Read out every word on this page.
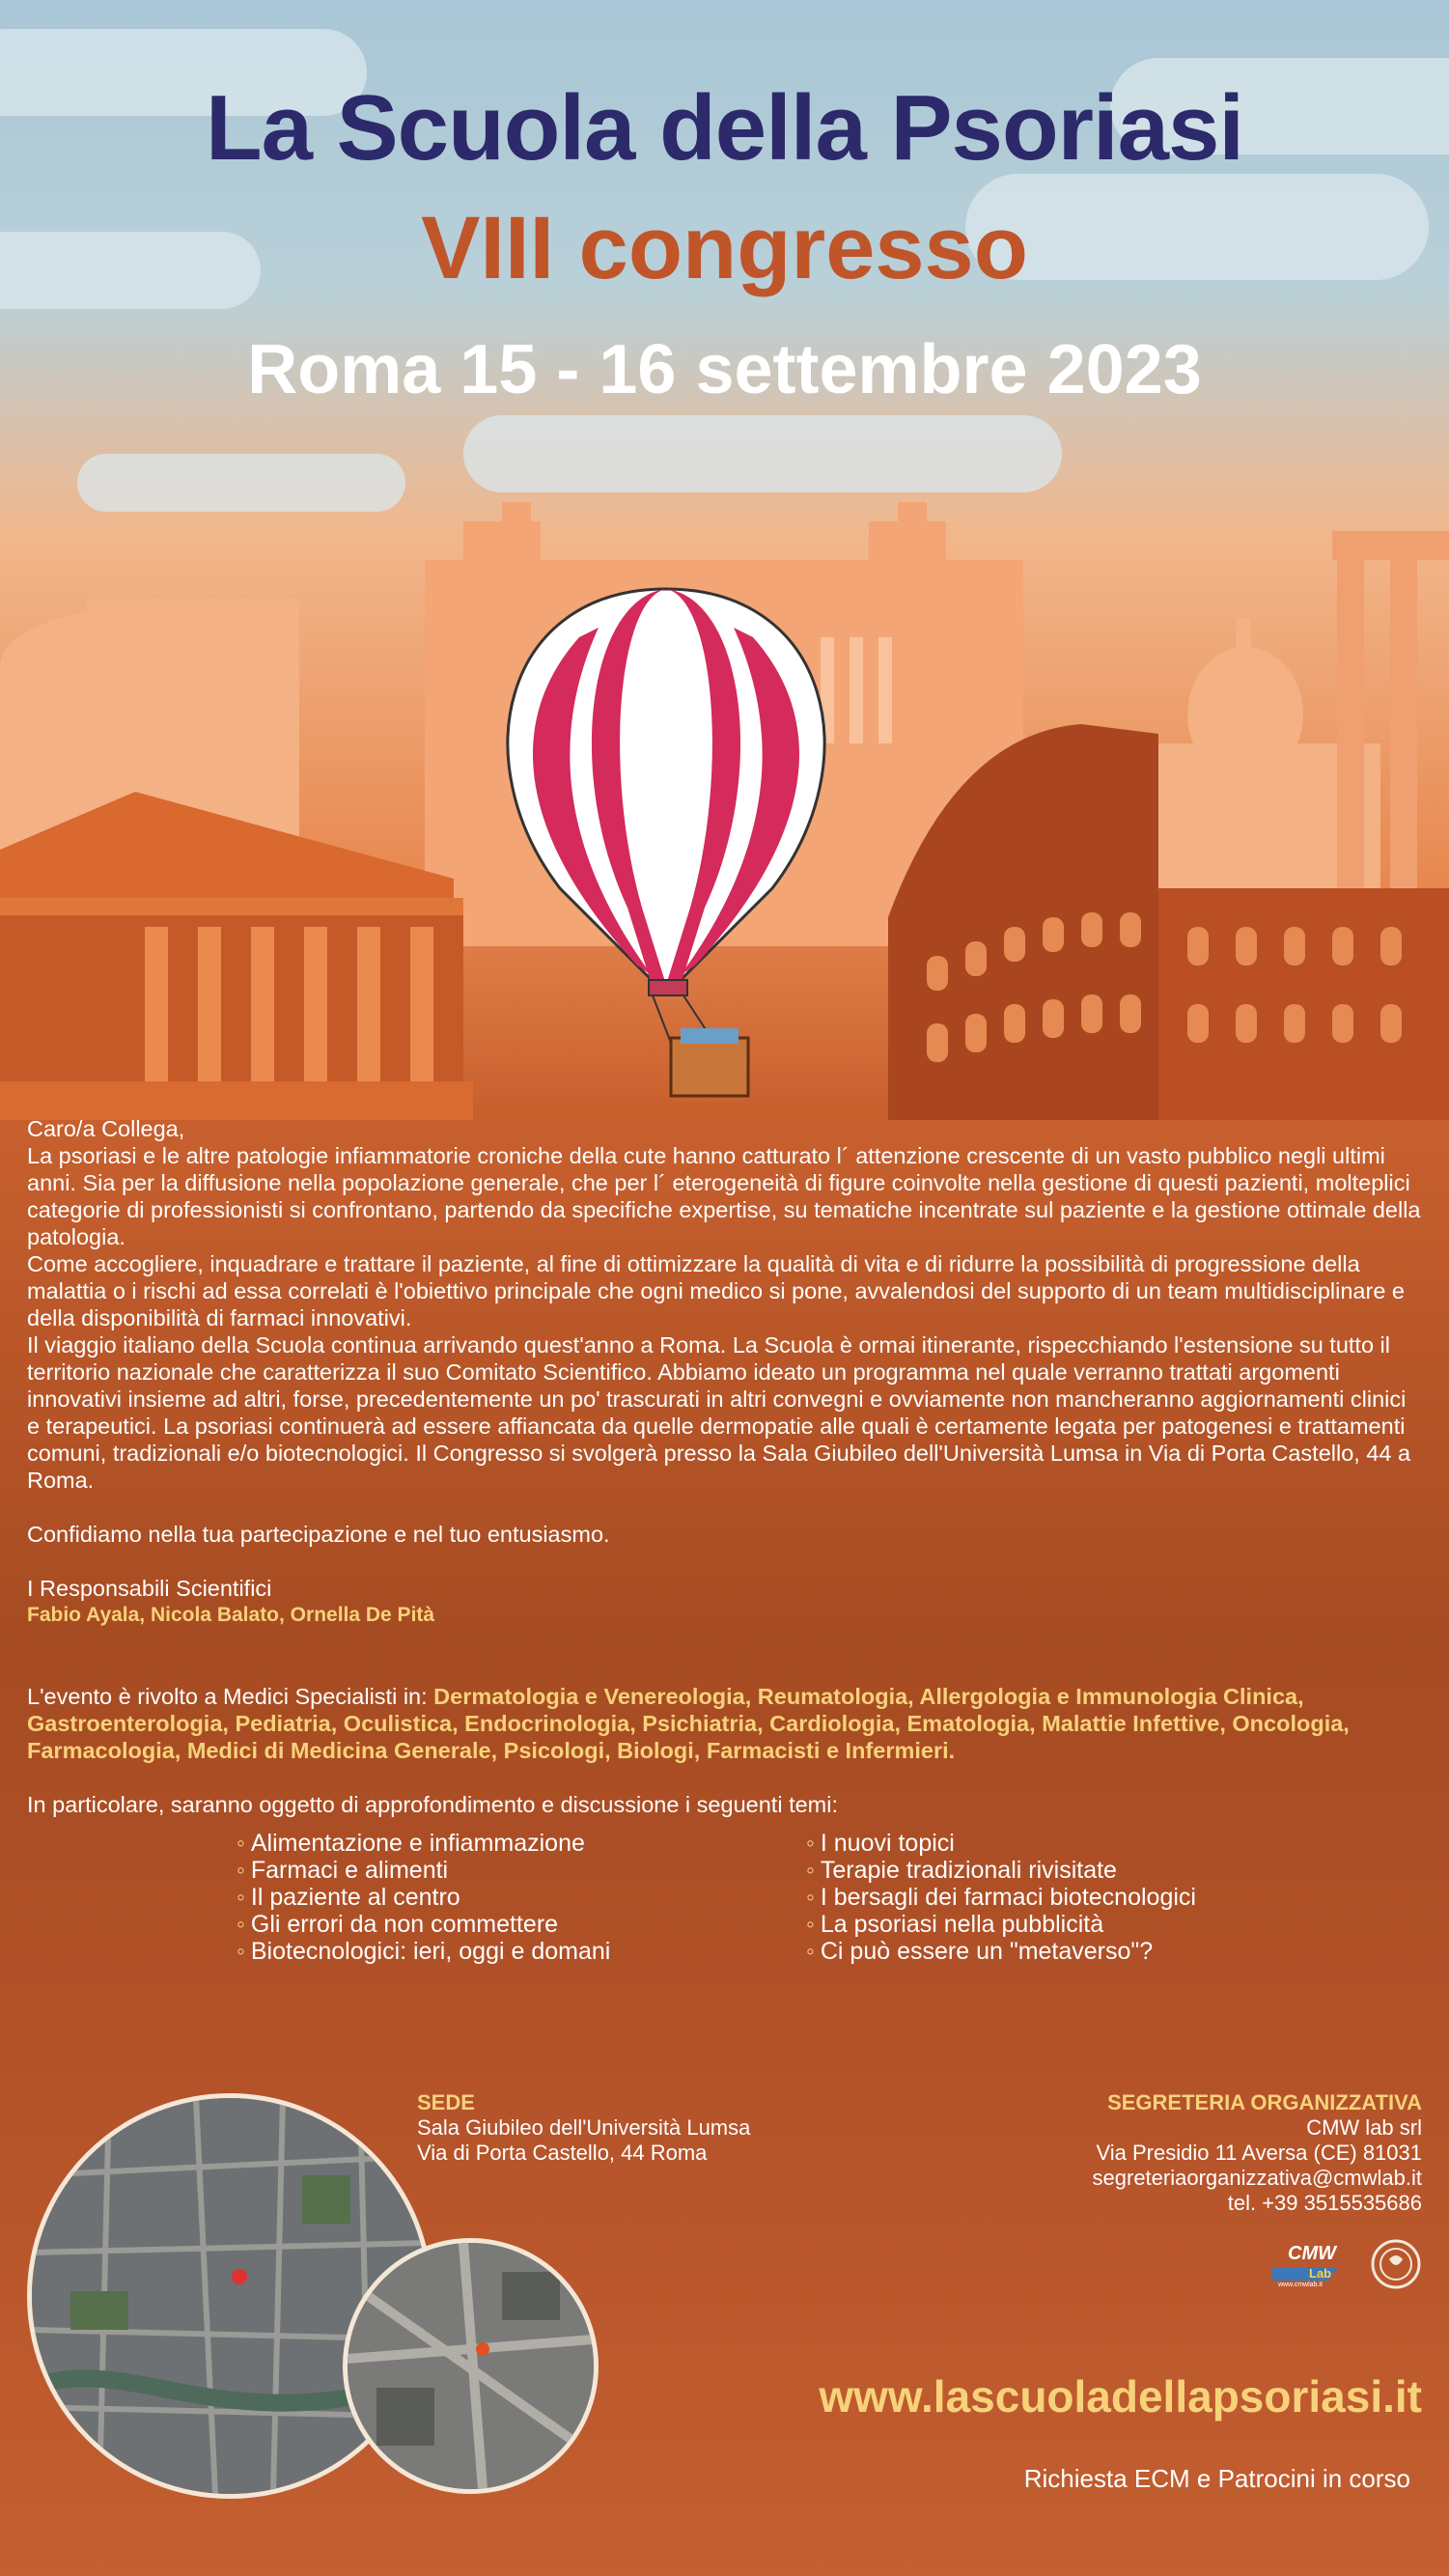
La Scuola della Psoriasi
VIII congresso
Roma 15 - 16 settembre 2023

Caro/a Collega,

La psoriasi e le altre patologie infiammatorie croniche della cute hanno catturato l´ attenzione crescente di un vasto pubblico negli ultimi anni. Sia per la diffusione nella popolazione generale, che per l´ eterogeneità di figure coinvolte nella gestione di questi pazienti, molteplici categorie di professionisti si confrontano, partendo da specifiche expertise, su tematiche incentrate sul paziente e la gestione ottimale della patologia.

Come accogliere, inquadrare e trattare il paziente, al fine di ottimizzare la qualità di vita e di ridurre la possibilità di progressione della malattia o i rischi ad essa correlati è l'obiettivo principale che ogni medico si pone, avvalendosi del supporto di un team multidisciplinare e della disponibilità di farmaci innovativi.

Il viaggio italiano della Scuola continua arrivando quest'anno a Roma. La Scuola è ormai itinerante, rispecchiando l'estensione su tutto il territorio nazionale che caratterizza il suo Comitato Scientifico. Abbiamo ideato un programma nel quale verranno trattati argomenti innovativi insieme ad altri, forse, precedentemente un po' trascurati in altri convegni e ovviamente non mancheranno aggiornamenti clinici e terapeutici. La psoriasi continuerà ad essere affiancata da quelle dermopatie alle quali è certamente legata per patogenesi e trattamenti comuni, tradizionali e/o biotecnologici. Il Congresso si svolgerà presso la Sala Giubileo dell'Università Lumsa in Via di Porta Castello, 44 a Roma.

Confidiamo nella tua partecipazione e nel tuo entusiasmo.

I Responsabili Scientifici

Fabio Ayala, Nicola Balato, Ornella De Pità

L'evento è rivolto a Medici Specialisti in: Dermatologia e Venereologia, Reumatologia, Allergologia e Immunologia Clinica, Gastroenterologia, Pediatria, Oculistica, Endocrinologia, Psichiatria, Cardiologia, Ematologia, Malattie Infettive, Oncologia, Farmacologia, Medici di Medicina Generale, Psicologi, Biologi, Farmacisti e Infermieri.

In particolare, saranno oggetto di approfondimento e discussione i seguenti temi:

◦ Alimentazione e infiammazione
◦ Farmaci e alimenti
◦ Il paziente al centro
◦ Gli errori da non commettere
◦ Biotecnologici: ieri, oggi e domani
◦ I nuovi topici
◦ Terapie tradizionali rivisitate
◦ I bersagli dei farmaci biotecnologici
◦ La psoriasi nella pubblicità
◦ Ci può essere un "metaverso"?
SEDE
Sala Giubileo dell'Università Lumsa
Via di Porta Castello, 44 Roma
SEGRETERIA ORGANIZZATIVA
CMW lab srl
Via Presidio 11 Aversa (CE) 81031
segreteriaorganizzativa@cmwlab.it
tel. +39 3515535686
CMW
Lab
www.cmwlab.it
www.lascuoladellapsoriasi.it
Richiesta ECM e Patrocini in corso
